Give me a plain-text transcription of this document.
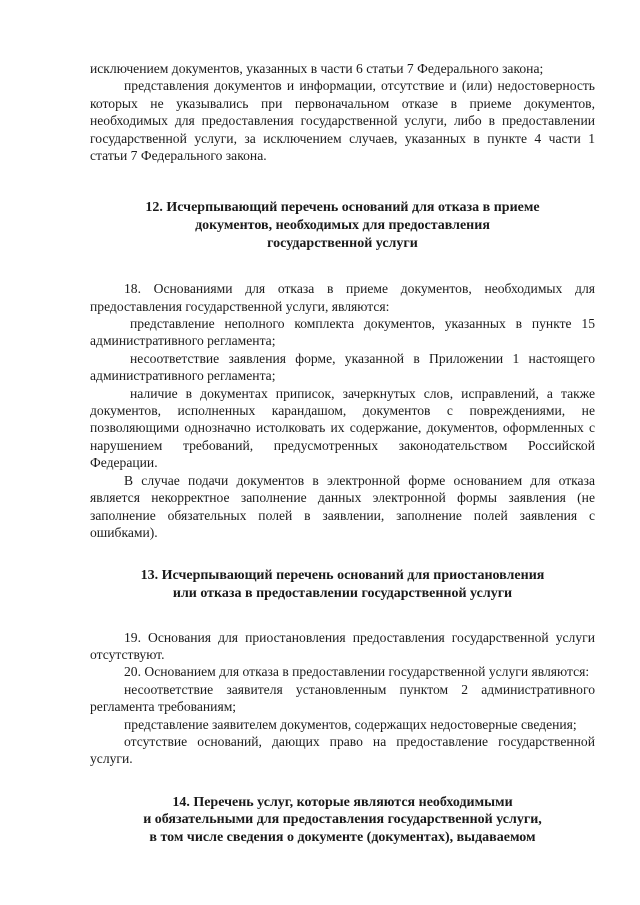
исключением документов, указанных в части 6 статьи 7 Федерального закона;

представления документов и информации, отсутствие и (или) недостоверность которых не указывались при первоначальном отказе в приеме документов, необходимых для предоставления государственной услуги, либо в предоставлении государственной услуги, за исключением случаев, указанных в пункте 4 части 1 статьи 7 Федерального закона.

12. Исчерпывающий перечень оснований для отказа в приеме
документов, необходимых для предоставления
государственной услуги

18. Основаниями для отказа в приеме документов, необходимых для предоставления государственной услуги, являются:

представление неполного комплекта документов, указанных в пункте 15 административного регламента;

несоответствие заявления форме, указанной в Приложении 1 настоящего административного регламента;

наличие в документах приписок, зачеркнутых слов, исправлений, а также документов, исполненных карандашом, документов с повреждениями, не позволяющими однозначно истолковать их содержание, документов, оформленных с нарушением требований, предусмотренных законодательством Российской Федерации.

В случае подачи документов в электронной форме основанием для отказа является некорректное заполнение данных электронной формы заявления (не заполнение обязательных полей в заявлении, заполнение полей заявления с ошибками).

13. Исчерпывающий перечень оснований для приостановления
или отказа в предоставлении государственной услуги

19. Основания для приостановления предоставления государственной услуги отсутствуют.

20. Основанием для отказа в предоставлении государственной услуги являются:

несоответствие заявителя установленным пунктом 2 административного регламента требованиям;

представление заявителем документов, содержащих недостоверные сведения;

отсутствие оснований, дающих право на предоставление государственной услуги.

14. Перечень услуг, которые являются необходимыми
и обязательными для предоставления государственной услуги,
в том числе сведения о документе (документах), выдаваемом
